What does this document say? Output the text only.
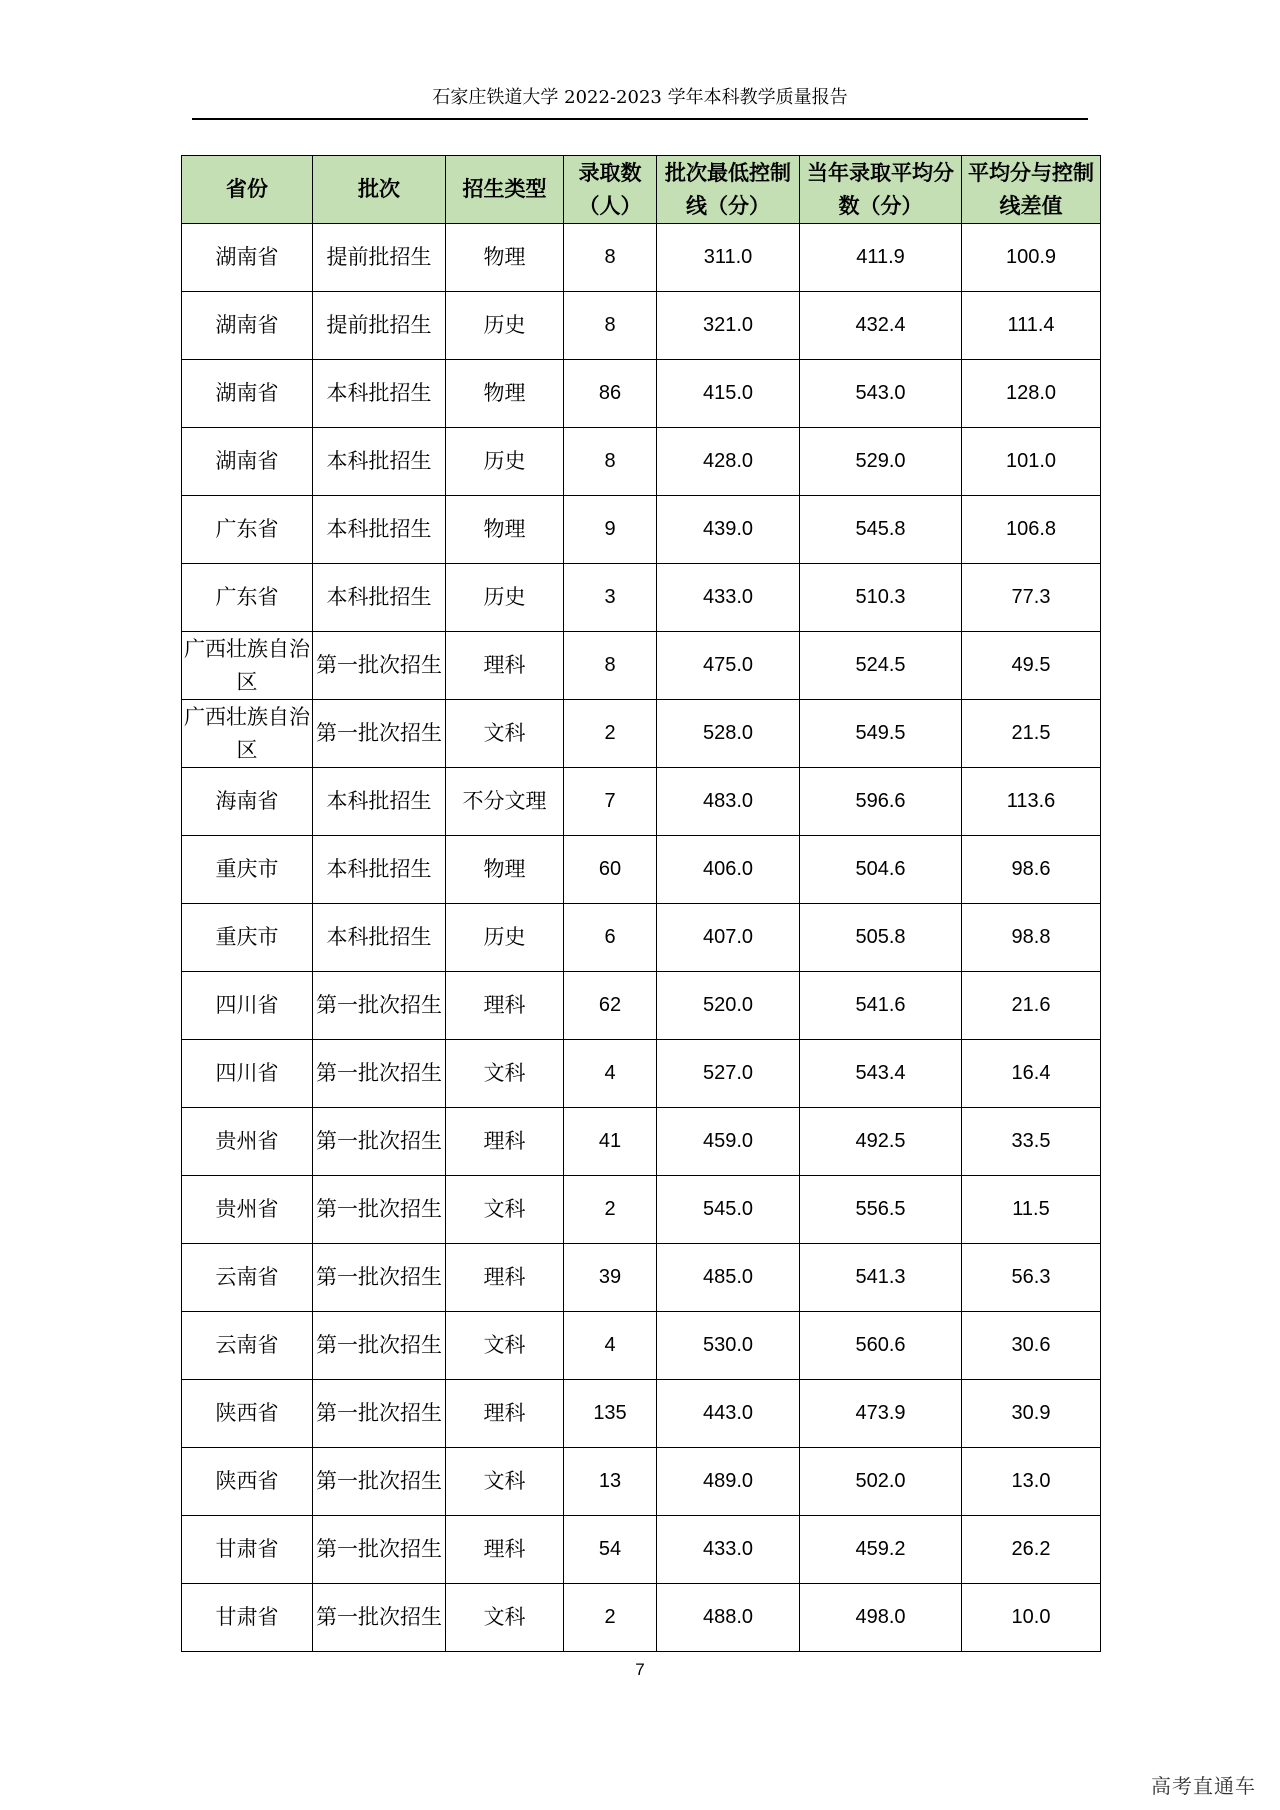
石家庄铁道大学 2022-2023 学年本科教学质量报告
省份	批次	招生类型	录取数（人）	批次最低控制线（分）	当年录取平均分数（分）	平均分与控制线差值
湖南省	提前批招生	物理	8	311.0	411.9	100.9
湖南省	提前批招生	历史	8	321.0	432.4	111.4
湖南省	本科批招生	物理	86	415.0	543.0	128.0
湖南省	本科批招生	历史	8	428.0	529.0	101.0
广东省	本科批招生	物理	9	439.0	545.8	106.8
广东省	本科批招生	历史	3	433.0	510.3	77.3
广西壮族自治区	第一批次招生	理科	8	475.0	524.5	49.5
广西壮族自治区	第一批次招生	文科	2	528.0	549.5	21.5
海南省	本科批招生	不分文理	7	483.0	596.6	113.6
重庆市	本科批招生	物理	60	406.0	504.6	98.6
重庆市	本科批招生	历史	6	407.0	505.8	98.8
四川省	第一批次招生	理科	62	520.0	541.6	21.6
四川省	第一批次招生	文科	4	527.0	543.4	16.4
贵州省	第一批次招生	理科	41	459.0	492.5	33.5
贵州省	第一批次招生	文科	2	545.0	556.5	11.5
云南省	第一批次招生	理科	39	485.0	541.3	56.3
云南省	第一批次招生	文科	4	530.0	560.6	30.6
陕西省	第一批次招生	理科	135	443.0	473.9	30.9
陕西省	第一批次招生	文科	13	489.0	502.0	13.0
甘肃省	第一批次招生	理科	54	433.0	459.2	26.2
甘肃省	第一批次招生	文科	2	488.0	498.0	10.0
7
高考直通车
